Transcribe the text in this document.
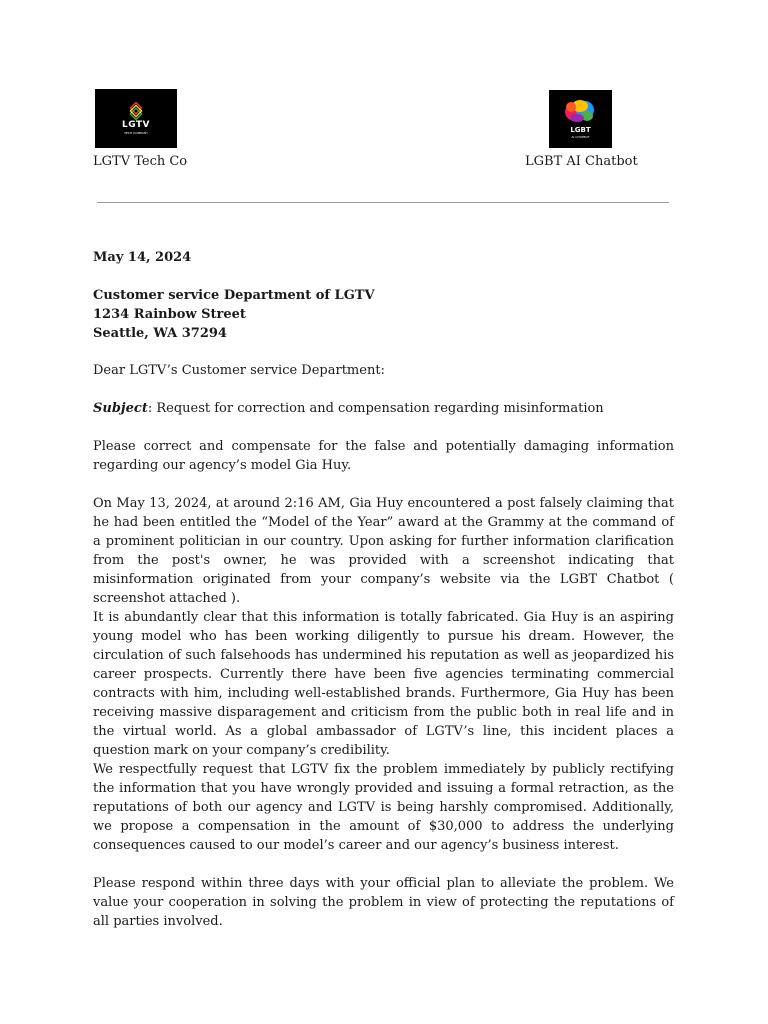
LGTV
TECH COMPANY	LGBT
AI CHATBOT
LGTV Tech Co	LGBT AI Chatbot
May 14, 2024
Customer service Department of LGTV
1234 Rainbow Street
Seattle, WA 37294
Dear LGTV’s Customer service Department:
Subject: Request for correction and compensation regarding misinformation
Please correct and compensate for the false and potentially damaging information regarding our agency’s model Gia Huy.
On May 13, 2024, at around 2:16 AM, Gia Huy encountered a post falsely claiming that he had been entitled the “Model of the Year” award at the Grammy at the command of a prominent politician in our country. Upon asking for further information clarification from the post's owner, he was provided with a screenshot indicating that misinformation originated from your company’s website via the LGBT Chatbot ( screenshot attached ).
It is abundantly clear that this information is totally fabricated. Gia Huy is an aspiring young model who has been working diligently to pursue his dream. However, the circulation of such falsehoods has undermined his reputation as well as jeopardized his career prospects. Currently there have been five agencies terminating commercial contracts with him, including well-established brands. Furthermore, Gia Huy has been receiving massive disparagement and criticism from the public both in real life and in the virtual world. As a global ambassador of LGTV’s line, this incident places a question mark on your company’s credibility.
We respectfully request that LGTV fix the problem immediately by publicly rectifying the information that you have wrongly provided and issuing a formal retraction, as the reputations of both our agency and LGTV is being harshly compromised. Additionally, we propose a compensation in the amount of $30,000 to address the underlying consequences caused to our model’s career and our agency’s business interest.
Please respond within three days with your official plan to alleviate the problem. We value your cooperation in solving the problem in view of protecting the reputations of all parties involved.
